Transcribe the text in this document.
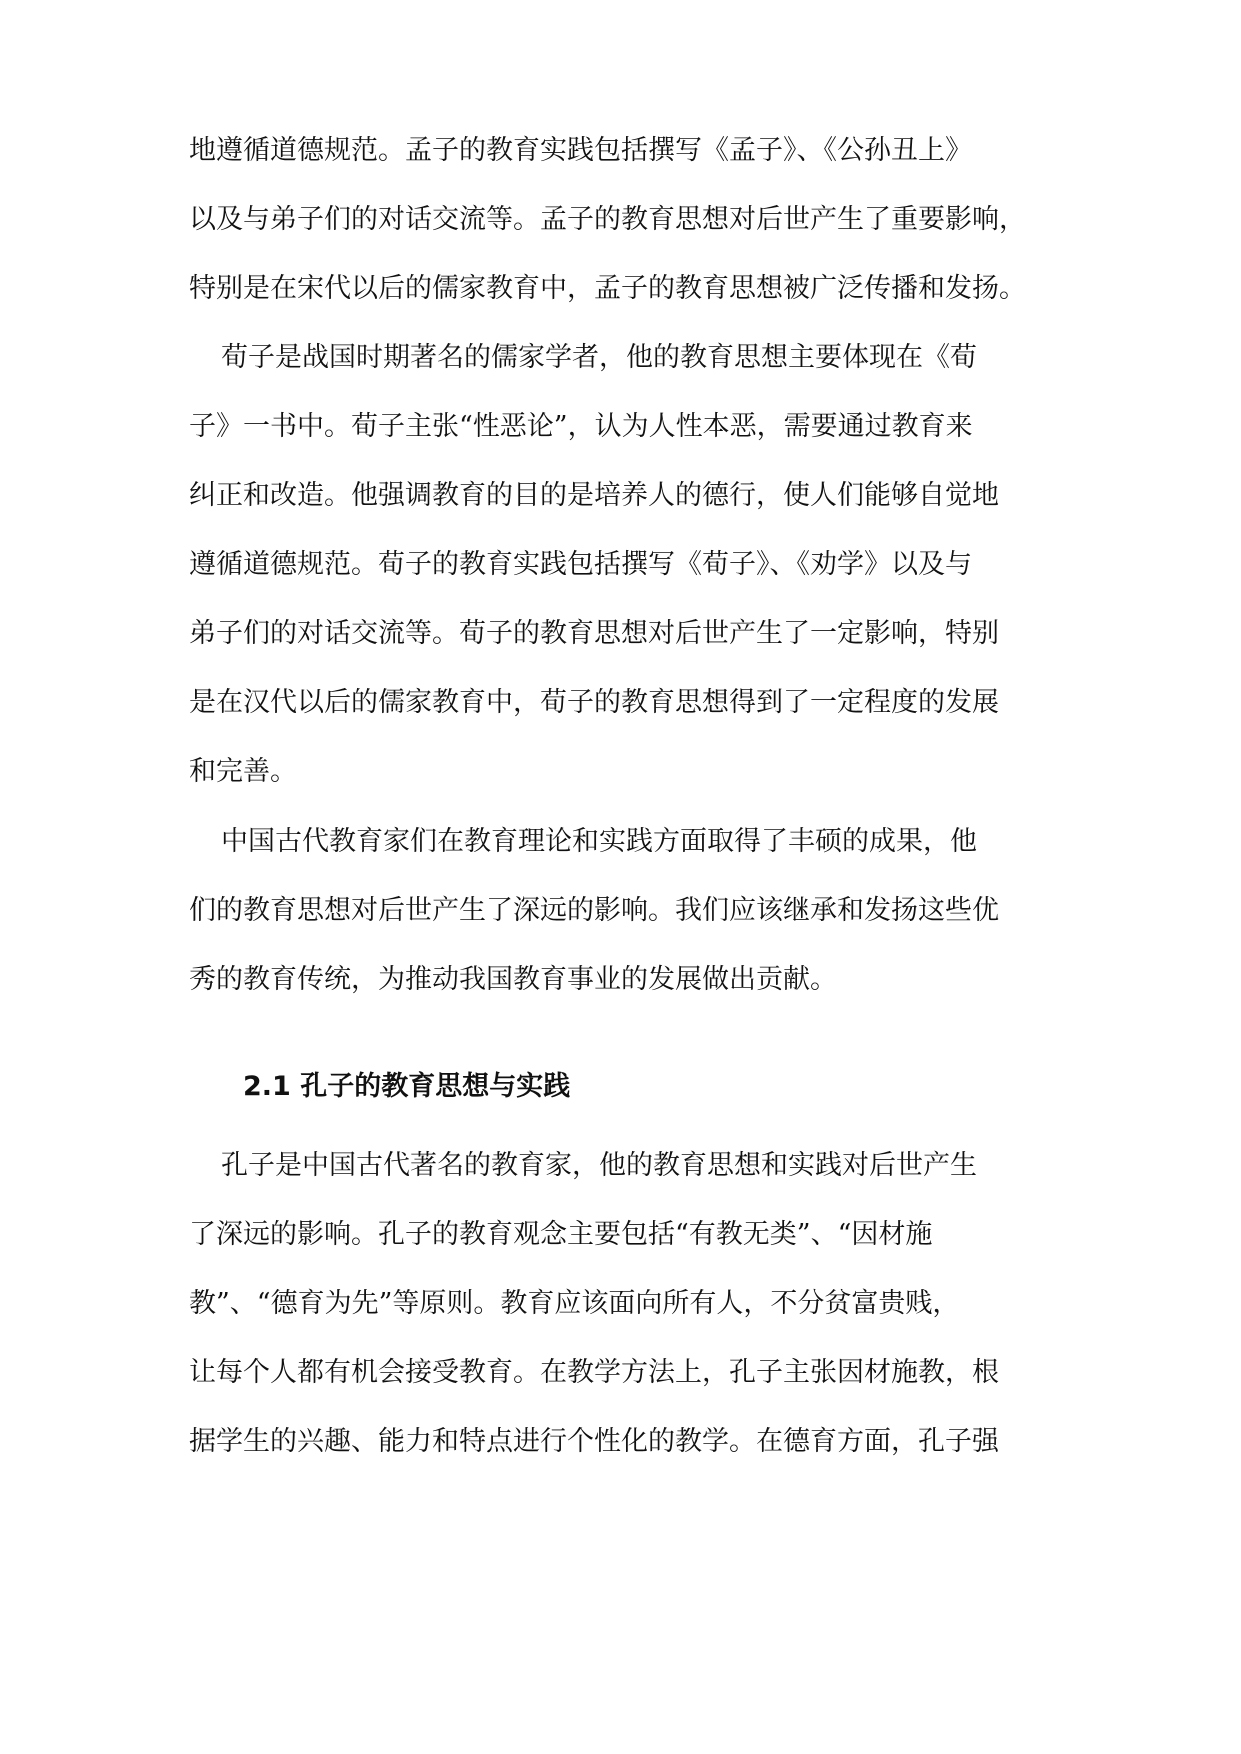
地遵循道德规范。孟子的教育实践包括撰写《孟子》、《公孙丑上》
以及与弟子们的对话交流等。孟子的教育思想对后世产生了重要影响，
特别是在宋代以后的儒家教育中，孟子的教育思想被广泛传播和发扬。
荀子是战国时期著名的儒家学者，他的教育思想主要体现在《荀
子》一书中。荀子主张“性恶论”，认为人性本恶，需要通过教育来
纠正和改造。他强调教育的目的是培养人的德行，使人们能够自觉地
遵循道德规范。荀子的教育实践包括撰写《荀子》、《劝学》以及与
弟子们的对话交流等。荀子的教育思想对后世产生了一定影响，特别
是在汉代以后的儒家教育中，荀子的教育思想得到了一定程度的发展
和完善。
中国古代教育家们在教育理论和实践方面取得了丰硕的成果，他
们的教育思想对后世产生了深远的影响。我们应该继承和发扬这些优
秀的教育传统，为推动我国教育事业的发展做出贡献。
2.1 孔子的教育思想与实践
孔子是中国古代著名的教育家，他的教育思想和实践对后世产生
了深远的影响。孔子的教育观念主要包括“有教无类”、“因材施
教”、“德育为先”等原则。教育应该面向所有人，不分贫富贵贱，
让每个人都有机会接受教育。在教学方法上，孔子主张因材施教，根
据学生的兴趣、能力和特点进行个性化的教学。在德育方面，孔子强
